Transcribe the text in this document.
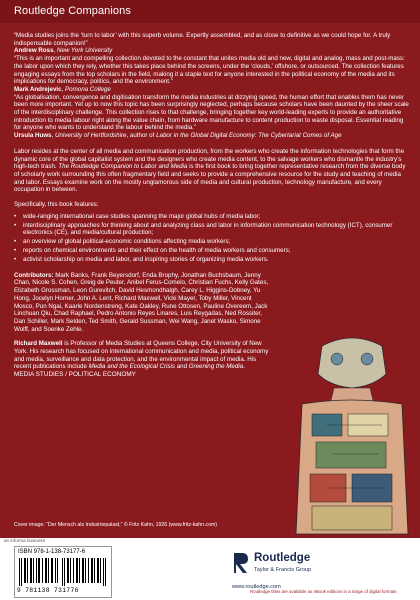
Routledge Companions

“Media studies joins the ‘turn to labor’ with this superb volume. Expertly assembled, and as close to definitive as we could hope for. A truly indispensable companion!”
Andrew Ross, New York University

“This is an important and compelling collection devoted to the constant that unites media old and new, digital and analog, mass and post-mass: the labor upon which they rely, whether this takes place behind the screens, under the ‘clouds,’ offshore, or outsourced. The collection features engaging essays from the top scholars in the field, making it a staple text for anyone interested in the political economy of the media and its implications for democracy, politics, and the environment.”
Mark Andrejevic, Pomona College

“As globalisation, convergence and digitisation transform the media industries at dizzying speed, the human effort that enables them has never been more important. Yet up to now this topic has been surprisingly neglected, perhaps because scholars have been daunted by the sheer scale of the interdisciplinary challenge. This collection rises to that challenge, bringing together key world-leading experts to provide an authoritative introduction to media labour right along the value chain, from hardware manufacture to content production to waste disposal. Essential reading for anyone who wants to understand the labour behind the media.”
Ursula Huws, University of Hertfordshire, author of Labor in the Global Digital Economy: The Cybertariat Comes of Age

Labor resides at the center of all media and communication production, from the workers who create the information technologies that form the dynamic core of the global capitalist system and the designers who create media content, to the salvage workers who dismantle the industry’s high-tech trash. The Routledge Companion to Labor and Media is the first book to bring together representative research from the diverse body of scholarly work surrounding this often fragmentary field and seeks to provide a comprehensive resource for the study and teaching of media and labor. Essays examine work on the mostly unglamorous side of media and cultural production, technology manufacture, and every occupation in between.

Specifically, this book features:

• wide-ranging international case studies spanning the major global hubs of media labor;
• interdisciplinary approaches for thinking about and analyzing class and labor in information communication technology (ICT), consumer electronics (CE), and media/cultural production;
• an overview of global political-economic conditions affecting media workers;
• reports on chemical environments and their effect on the health of media workers and consumers;
• activist scholarship on media and labor, and inspiring stories of organizing media workers.

Contributors: Mark Banks, Frank Beyersdorf, Enda Brophy, Jonathan Buchsbaum, Jenny Chan, Nicole S. Cohen, Greig de Peuter, Anibel Ferus-Comelo, Christian Fuchs, Kelly Gates, Elizabeth Grossman, Leon Gurevitch, David Hesmondhalgh, Carey L. Higgins-Dobney, Yu Hong, Jocelyn Horner, John A. Lent, Richard Maxwell, Vicki Mayer, Toby Miller, Vincent Mosco, Pun Ngai, Kaarle Nordenstreng, Kate Oakley, Rune Ottosen, Pauline Overeem, Jack Linchuan Qiu, Chad Raphael, Pedro Antonio Reyes Linares, Luis Reygadas, Ned Rossiter, Dan Schiller, Mark Selden, Ted Smith, Gerald Sussman, Wei Wang, Janet Wasko, Simone Wolff, and Soenke Zehle.

Richard Maxwell is Professor of Media Studies at Queens College, City University of New York. His research has focused on international communication and media, political economy and media, surveillance and data protection, and the environmental impact of media. His recent publications include Media and the Ecological Crisis and Greening the Media.

MEDIA STUDIES / POLITICAL ECONOMY

Cover image: “Der Mensch als Industriepalast,” © Fritz Kahn, 1926 (www.fritz-kahn.com)
an informa business
ISBN 978-1-138-73177-6
9 781138 731776
Routledge
Taylor & Francis Group
www.routledge.com
Routledge titles are available as eBook editions in a range of digital formats
